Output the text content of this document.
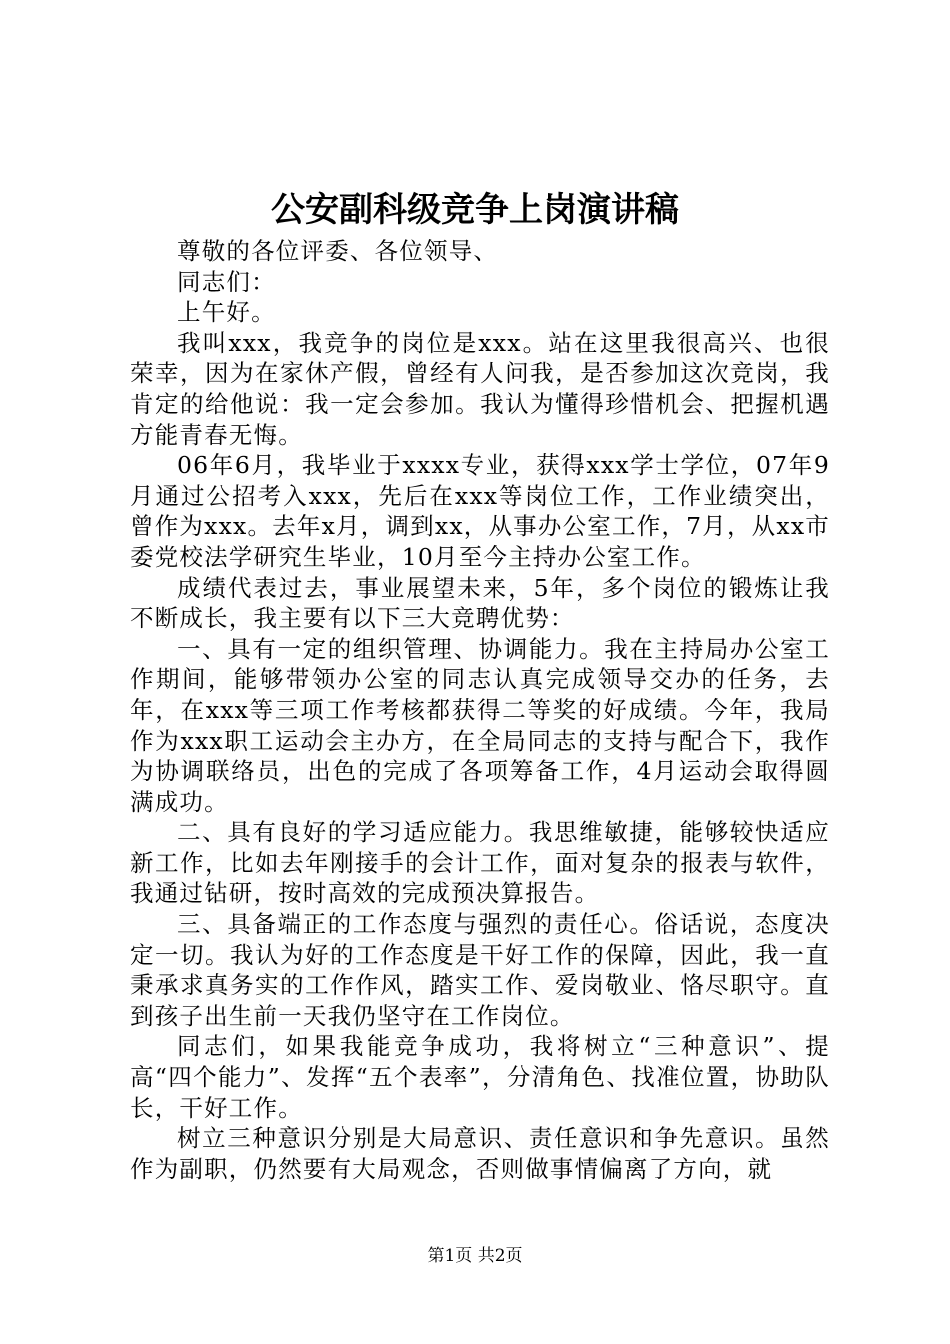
公安副科级竞争上岗演讲稿

尊敬的各位评委、各位领导、

同志们：

上午好。

我叫xxx，我竞争的岗位是xxx。站在这里我很高兴、也很荣幸，因为在家休产假，曾经有人问我，是否参加这次竞岗，我肯定的给他说：我一定会参加。我认为懂得珍惜机会、把握机遇方能青春无悔。

06年6月，我毕业于xxxx专业，获得xxx学士学位，07年9月通过公招考入xxx，先后在xxx等岗位工作，工作业绩突出，曾作为xxx。去年x月，调到xx，从事办公室工作，7月，从xx市委党校法学研究生毕业，10月至今主持办公室工作。

成绩代表过去，事业展望未来，5年，多个岗位的锻炼让我不断成长，我主要有以下三大竞聘优势：

一、具有一定的组织管理、协调能力。我在主持局办公室工作期间，能够带领办公室的同志认真完成领导交办的任务，去年，在xxx等三项工作考核都获得二等奖的好成绩。今年，我局作为xxx职工运动会主办方，在全局同志的支持与配合下，我作为协调联络员，出色的完成了各项筹备工作，4月运动会取得圆满成功。

二、具有良好的学习适应能力。我思维敏捷，能够较快适应新工作，比如去年刚接手的会计工作，面对复杂的报表与软件，我通过钻研，按时高效的完成预决算报告。

三、具备端正的工作态度与强烈的责任心。俗话说，态度决定一切。我认为好的工作态度是干好工作的保障，因此，我一直秉承求真务实的工作作风，踏实工作、爱岗敬业、恪尽职守。直到孩子出生前一天我仍坚守在工作岗位。

同志们，如果我能竞争成功，我将树立“三种意识”、提高“四个能力”、发挥“五个表率”，分清角色、找准位置，协助队长，干好工作。

树立三种意识分别是大局意识、责任意识和争先意识。虽然作为副职，仍然要有大局观念，否则做事情偏离了方向，就

第1页 共2页
